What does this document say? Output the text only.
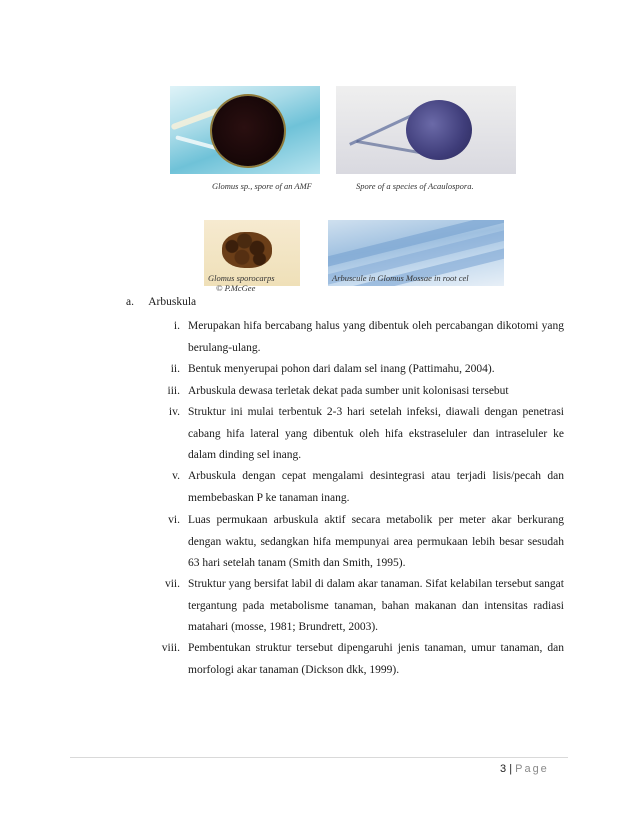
Glomus sp., spore of an AMF	Spore of a species of Acaulospora.
Glomus sporocarps
© P.McGee
Arbuscule in Glomus Mossae in root cel
a. Arbuskula
i. Merupakan hifa bercabang halus yang dibentuk oleh percabangan dikotomi yang
berulang-ulang.
ii. Bentuk menyerupai pohon dari dalam sel inang (Pattimahu, 2004).
iii. Arbuskula dewasa terletak dekat pada sumber unit kolonisasi tersebut
iv. Struktur ini mulai terbentuk 2-3 hari setelah infeksi, diawali dengan penetrasi
cabang hifa lateral yang dibentuk oleh hifa ekstraseluler dan intraseluler ke
dalam dinding sel inang.
v. Arbuskula dengan cepat mengalami desintegrasi atau terjadi lisis/pecah dan
membebaskan P ke tanaman inang.
vi. Luas permukaan arbuskula aktif secara metabolik per meter akar berkurang
dengan waktu, sedangkan hifa mempunyai area permukaan lebih besar sesudah
63 hari setelah tanam (Smith dan Smith, 1995).
vii. Struktur yang bersifat labil di dalam akar tanaman. Sifat kelabilan tersebut sangat
tergantung pada metabolisme tanaman, bahan makanan dan intensitas radiasi
matahari (mosse, 1981; Brundrett, 2003).
viii. Pembentukan struktur tersebut dipengaruhi jenis tanaman, umur tanaman, dan
morfologi akar tanaman (Dickson dkk, 1999).
3 | Page
